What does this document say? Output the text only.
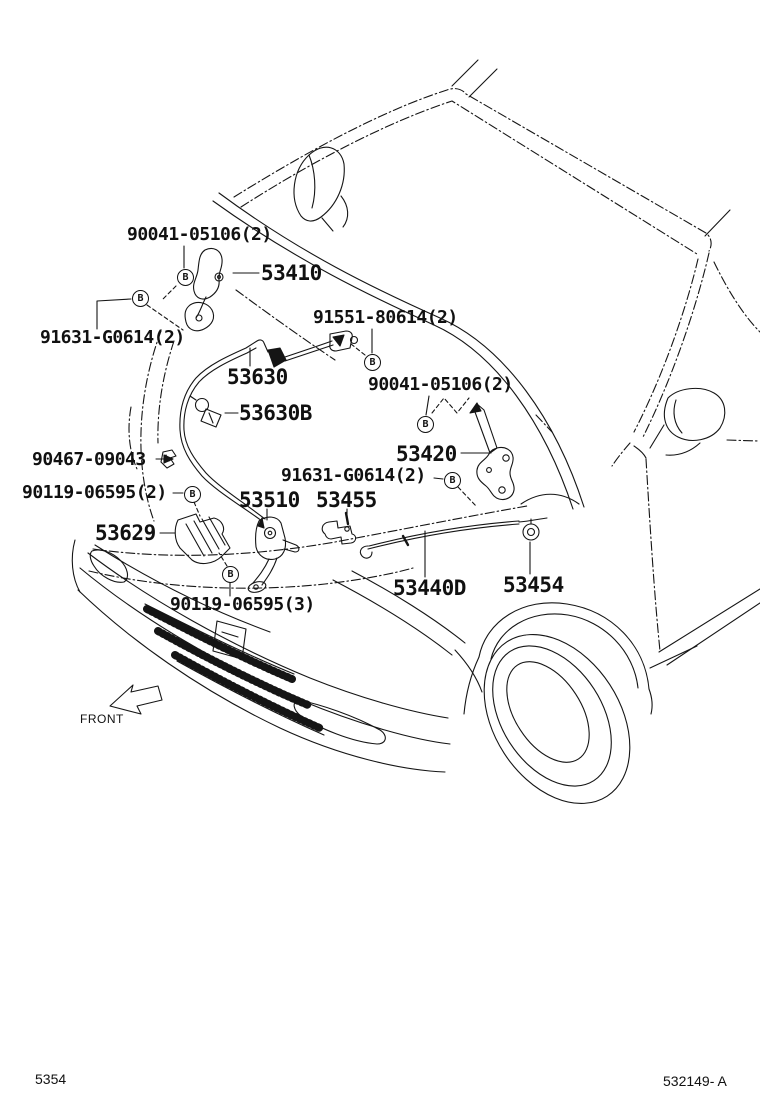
90041-05106(2)
53410
91631-G0614(2)
91551-80614(2)
53630	90041-05106(2)
53630B
53420
90467-09043
91631-G0614(2)
90119-06595(2)	53510 53455
53629
53440D 53454
90119-06595(3)
B
B
B
B
B
B
B
FRONT
5354	532149- A
